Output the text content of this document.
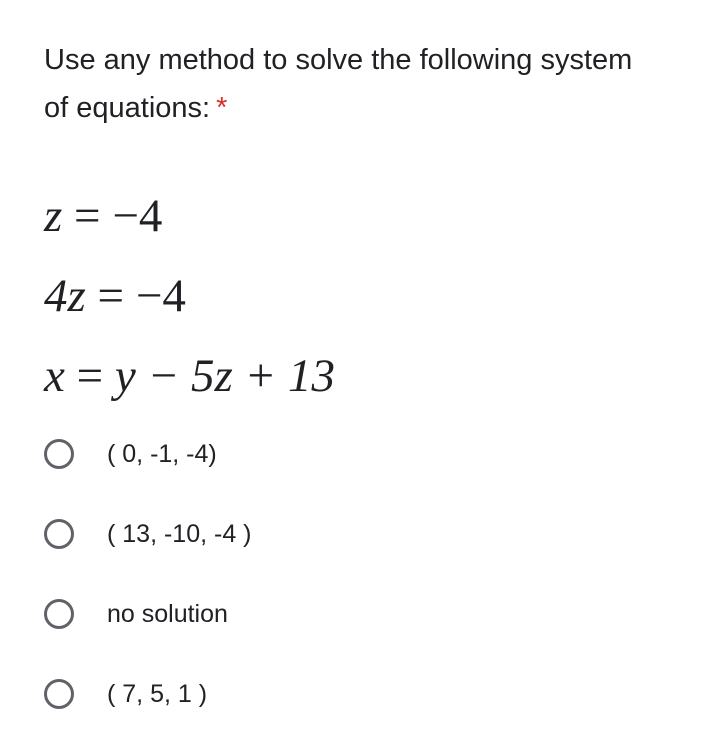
Use any method to solve the following system of equations: *
z = −4
4z = −4
x = y − 5z + 13
( 0, -1, -4)
( 13, -10, -4 )
no solution
( 7, 5, 1 )
